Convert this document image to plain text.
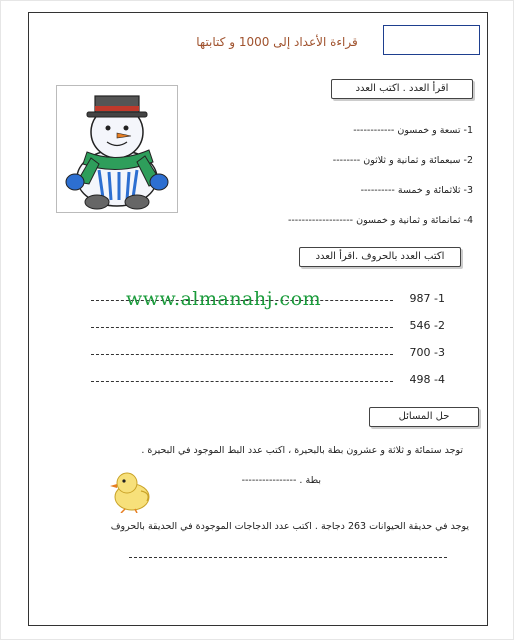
قراءة الأعداد إلى 1000 و كتابتها
اقرأ العدد . اكتب العدد
1- تسعة و خمسون ------------
2- سبعمائة و ثمانية و ثلاثون --------
3- ثلاثمائة و خمسة ----------
4- ثمانمائة و ثمانية و خمسون -------------------
اكتب العدد بالحروف .اقرأ العدد
1- 987
2- 546
3- 700
4- 498
حل المسائل
توجد ستمائة و ثلاثة و عشرون بطة بالبحيرة ، اكتب عدد البط الموجود في البحيرة .
بطة . ----------------
يوجد في حديقة الحيوانات 263 دجاجة . اكتب عدد الدجاجات الموجودة في الحديقة بالحروف
www.almanahj.com
